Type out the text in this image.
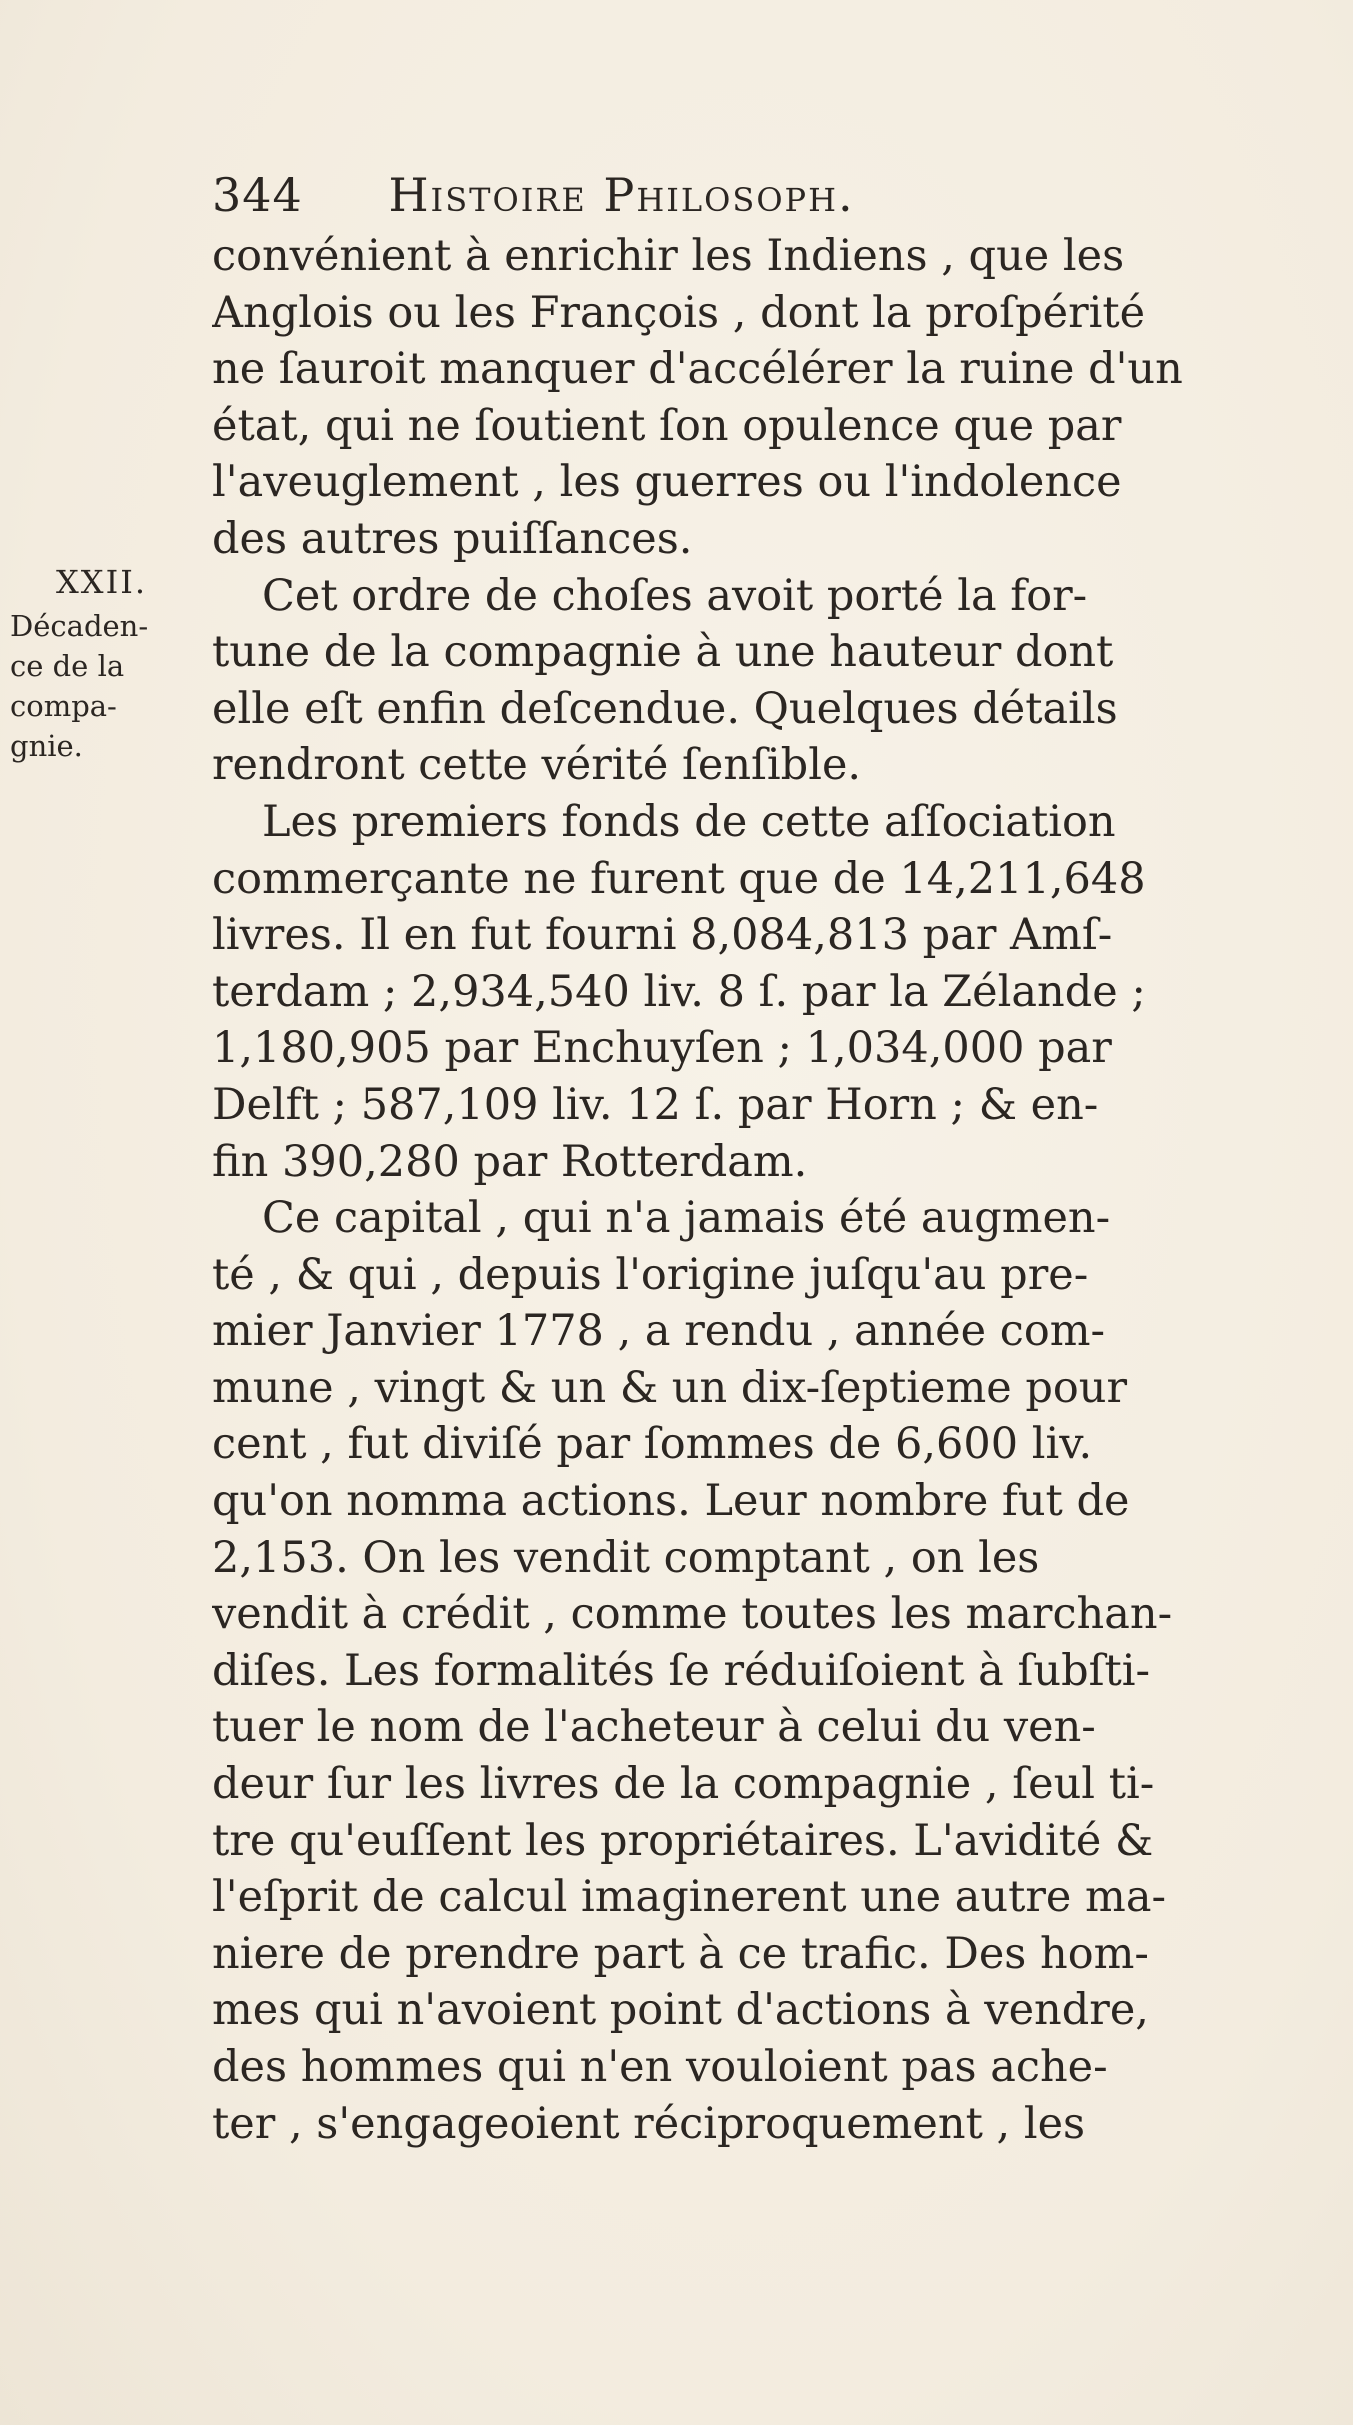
344 Histoire Philosoph.
XXII.
Décaden-
ce de la
compa-
gnie.
convénient à enrichir les Indiens , que les
Anglois ou les François , dont la proſpérité
ne ſauroit manquer d'accélérer la ruine d'un
état, qui ne ſoutient ſon opulence que par
l'aveuglement , les guerres ou l'indolence
des autres puiſſances.
Cet ordre de choſes avoit porté la for-
tune de la compagnie à une hauteur dont
elle eſt enfin deſcendue. Quelques détails
rendront cette vérité ſenſible.
Les premiers fonds de cette aſſociation
commerçante ne furent que de 14,211,648
livres. Il en fut fourni 8,084,813 par Amſ-
terdam ; 2,934,540 liv. 8 ſ. par la Zélande ;
1,180,905 par Enchuyſen ; 1,034,000 par
Delft ; 587,109 liv. 12 ſ. par Horn ; & en-
fin 390,280 par Rotterdam.
Ce capital , qui n'a jamais été augmen-
té , & qui , depuis l'origine juſqu'au pre-
mier Janvier 1778 , a rendu , année com-
mune , vingt & un & un dix-ſeptieme pour
cent , fut diviſé par ſommes de 6,600 liv.
qu'on nomma actions. Leur nombre fut de
2,153. On les vendit comptant , on les
vendit à crédit , comme toutes les marchan-
diſes. Les formalités ſe réduiſoient à ſubſti-
tuer le nom de l'acheteur à celui du ven-
deur ſur les livres de la compagnie , ſeul ti-
tre qu'euſſent les propriétaires. L'avidité &
l'eſprit de calcul imaginerent une autre ma-
niere de prendre part à ce trafic. Des hom-
mes qui n'avoient point d'actions à vendre,
des hommes qui n'en vouloient pas ache-
ter , s'engageoient réciproquement , les
